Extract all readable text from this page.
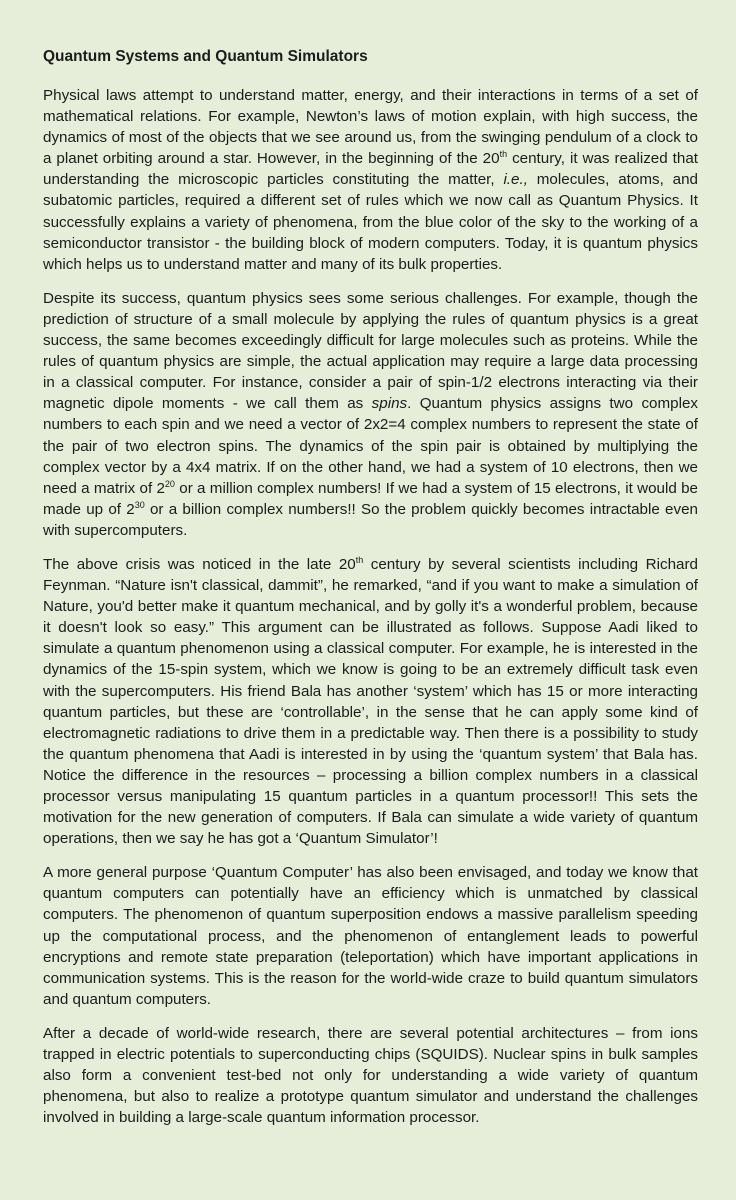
Quantum Systems and Quantum Simulators

Physical laws attempt to understand matter, energy, and their interactions in terms of a set of mathematical relations. For example, Newton’s laws of motion explain, with high success, the dynamics of most of the objects that we see around us, from the swinging pendulum of a clock to a planet orbiting around a star. However, in the beginning of the 20th century, it was realized that understanding the microscopic particles constituting the matter, i.e., molecules, atoms, and subatomic particles, required a different set of rules which we now call as Quantum Physics. It successfully explains a variety of phenomena, from the blue color of the sky to the working of a semiconductor transistor - the building block of modern computers. Today, it is quantum physics which helps us to understand matter and many of its bulk properties.

Despite its success, quantum physics sees some serious challenges. For example, though the prediction of structure of a small molecule by applying the rules of quantum physics is a great success, the same becomes exceedingly difficult for large molecules such as proteins. While the rules of quantum physics are simple, the actual application may require a large data processing in a classical computer. For instance, consider a pair of spin-1/2 electrons interacting via their magnetic dipole moments - we call them as spins. Quantum physics assigns two complex numbers to each spin and we need a vector of 2x2=4 complex numbers to represent the state of the pair of two electron spins. The dynamics of the spin pair is obtained by multiplying the complex vector by a 4x4 matrix. If on the other hand, we had a system of 10 electrons, then we need a matrix of $2^{20}$ or a million complex numbers! If we had a system of 15 electrons, it would be made up of $2^{30}$ or a billion complex numbers!! So the problem quickly becomes intractable even with supercomputers.

The above crisis was noticed in the late 20th century by several scientists including Richard Feynman. “Nature isn't classical, dammit”, he remarked, “and if you want to make a simulation of Nature, you'd better make it quantum mechanical, and by golly it's a wonderful problem, because it doesn't look so easy.” This argument can be illustrated as follows. Suppose Aadi liked to simulate a quantum phenomenon using a classical computer. For example, he is interested in the dynamics of the 15-spin system, which we know is going to be an extremely difficult task even with the supercomputers. His friend Bala has another ‘system’ which has 15 or more interacting quantum particles, but these are ‘controllable’, in the sense that he can apply some kind of electromagnetic radiations to drive them in a predictable way. Then there is a possibility to study the quantum phenomena that Aadi is interested in by using the ‘quantum system’ that Bala has. Notice the difference in the resources – processing a billion complex numbers in a classical processor versus manipulating 15 quantum particles in a quantum processor!! This sets the motivation for the new generation of computers. If Bala can simulate a wide variety of quantum operations, then we say he has got a ‘Quantum Simulator’!

A more general purpose ‘Quantum Computer’ has also been envisaged, and today we know that quantum computers can potentially have an efficiency which is unmatched by classical computers. The phenomenon of quantum superposition endows a massive parallelism speeding up the computational process, and the phenomenon of entanglement leads to powerful encryptions and remote state preparation (teleportation) which have important applications in communication systems. This is the reason for the world-wide craze to build quantum simulators and quantum computers.

After a decade of world-wide research, there are several potential architectures – from ions trapped in electric potentials to superconducting chips (SQUIDS). Nuclear spins in bulk samples also form a convenient test-bed not only for understanding a wide variety of quantum phenomena, but also to realize a prototype quantum simulator and understand the challenges involved in building a large-scale quantum information processor.
